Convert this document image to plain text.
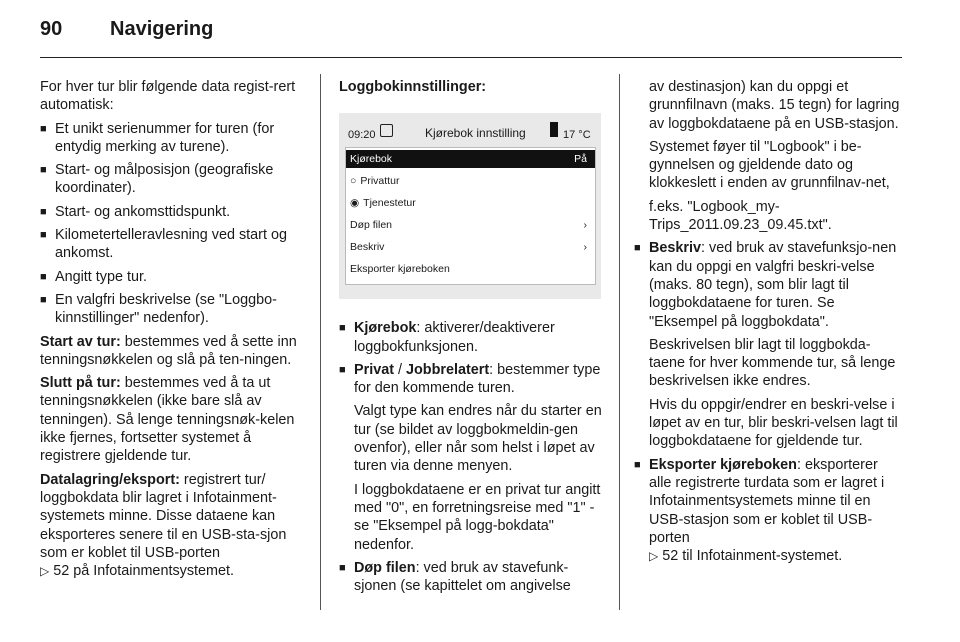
90 Navigering

For hver tur blir følgende data regist-rert automatisk:

■ Et unikt serienummer for turen (for entydig merking av turene).
■ Start- og målposisjon (geografiske koordinater).
■ Start- og ankomsttidspunkt.
■ Kilometertelleravlesning ved start og ankomst.
■ Angitt type tur.
■ En valgfri beskrivelse (se "Loggbo-kinnstillinger" nedenfor).

Start av tur: bestemmes ved å sette inn tenningsnøkkelen og slå på ten-ningen.

Slutt på tur: bestemmes ved å ta ut tenningsnøkkelen (ikke bare slå av tenningen). Så lenge tenningsnøk-kelen ikke fjernes, fortsetter systemet å registrere gjeldende tur.

Datalagring/eksport: registrert tur/ loggbokdata blir lagret i Infotainment-systemets minne. Disse dataene kan eksporteres senere til en USB-sta-sjon som er koblet til USB-porten
▷ 52 på Infotainmentsystemet.

Loggbokinnstillinger:

09:20	Kjørebok innstilling	17 °C
Kjørebok	På
○ Privattur
◉ Tjenestetur
Døp filen	›
Beskriv	›
Eksporter kjøreboken
■ Kjørebok: aktiverer/deaktiverer loggbokfunksjonen.
■ Privat / Jobbrelatert: bestemmer type for den kommende turen.

Valgt type kan endres når du starter en tur (se bildet av loggbokmeldin-gen ovenfor), eller når som helst i løpet av turen via denne menyen.

I loggbokdataene er en privat tur angitt med "0", en forretningsreise med "1" - se "Eksempel på logg-bokdata" nedenfor.

■ Døp filen: ved bruk av stavefunk-sjonen (se kapittelet om angivelse

av destinasjon) kan du oppgi et grunnfilnavn (maks. 15 tegn) for lagring av loggbokdataene på en USB-stasjon.

Systemet føyer til "Logbook" i be-gynnelsen og gjeldende dato og klokkeslett i enden av grunnfilnav-net,

f.eks. "Logbook_my-
Trips_2011.09.23_09.45.txt".

■ Beskriv: ved bruk av stavefunksjo-nen kan du oppgi en valgfri beskri-velse (maks. 80 tegn), som blir lagt til loggbokdataene for turen. Se "Eksempel på loggbokdata".

Beskrivelsen blir lagt til loggbokda-taene for hver kommende tur, så lenge beskrivelsen ikke endres.

Hvis du oppgir/endrer en beskri-velse i løpet av en tur, blir beskri-velsen lagt til loggbokdataene for gjeldende tur.

■ Eksporter kjøreboken: eksporterer alle registrerte turdata som er lagret i Infotainmentsystemets minne til en USB-stasjon som er koblet til USB-porten
▷ 52 til Infotainment-systemet.
